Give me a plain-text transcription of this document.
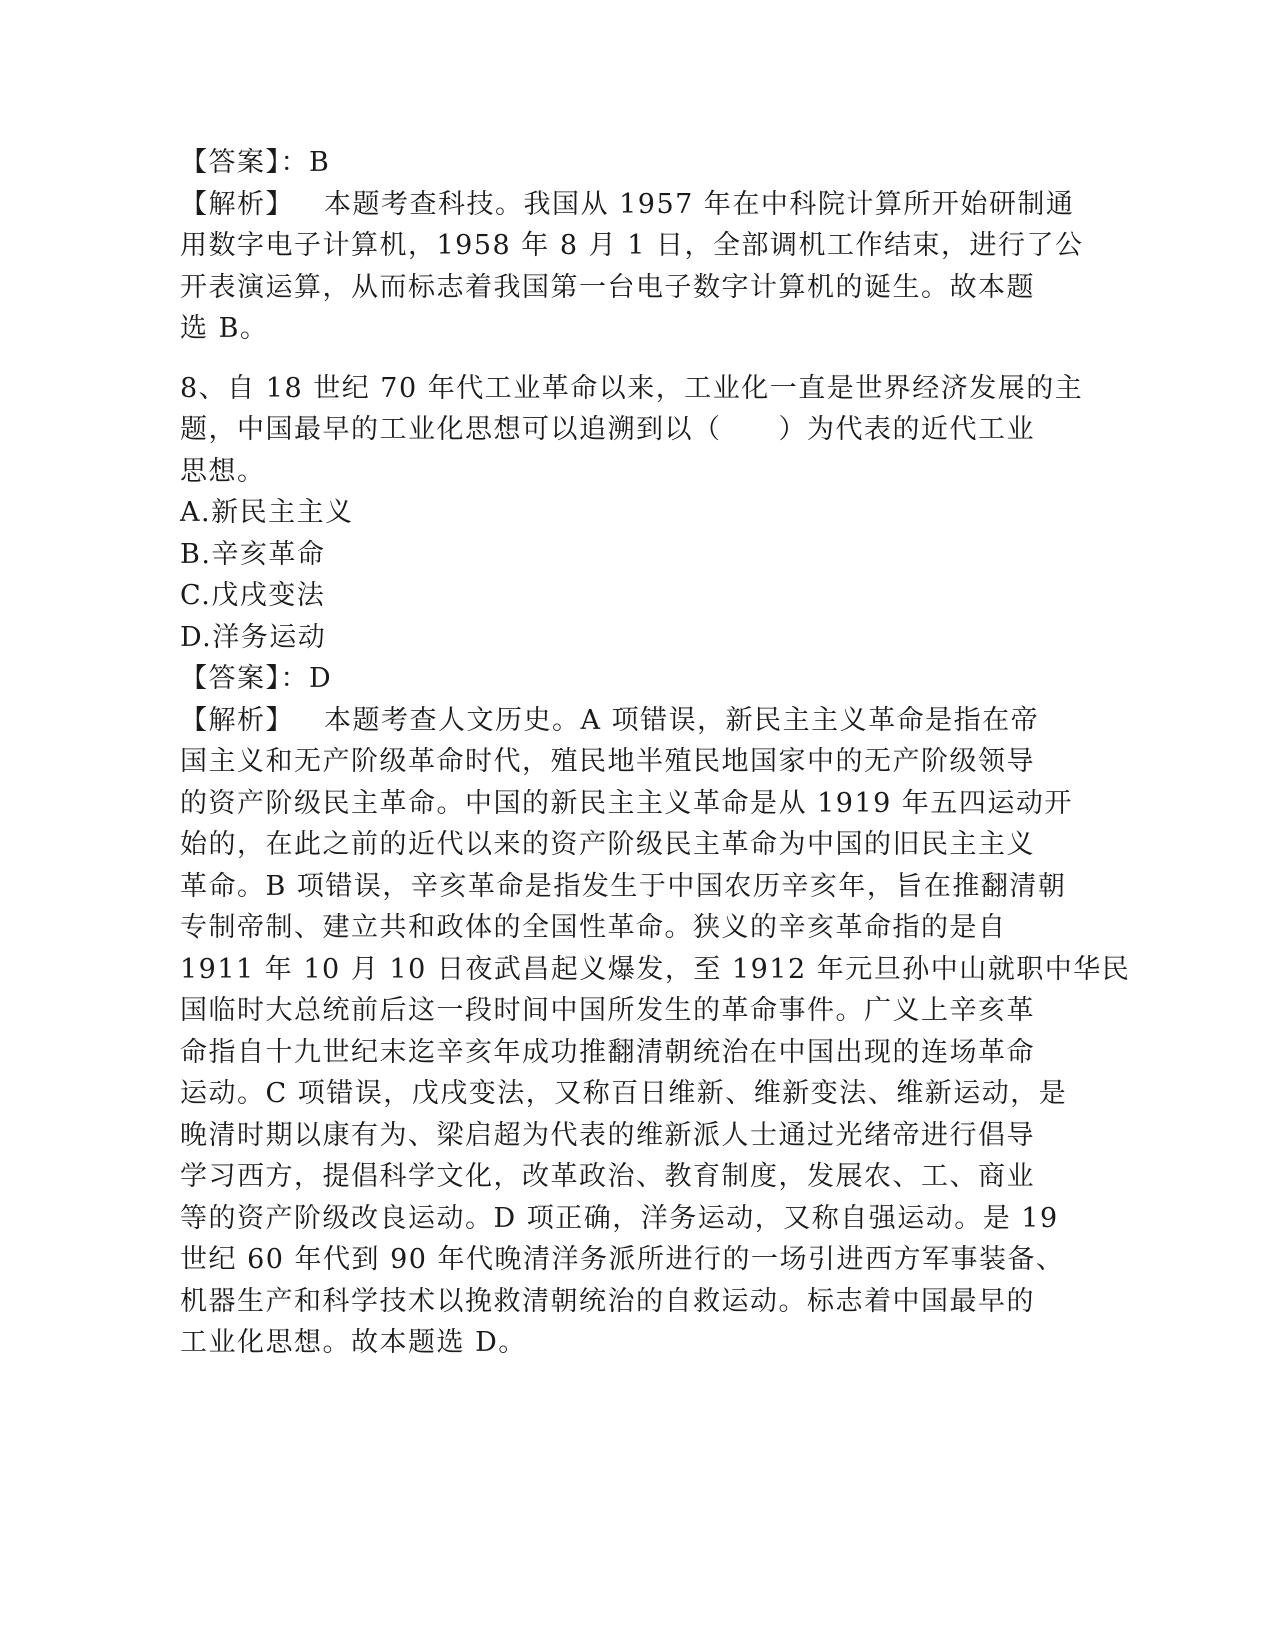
【答案】：B
【解析】 本题考查科技。我国从 1957 年在中科院计算所开始研制通
用数字电子计算机，1958 年 8 月 1 日，全部调机工作结束，进行了公
开表演运算，从而标志着我国第一台电子数字计算机的诞生。故本题
选 B。
8、自 18 世纪 70 年代工业革命以来，工业化一直是世界经济发展的主
题，中国最早的工业化思想可以追溯到以（　　）为代表的近代工业
思想。
A.新民主主义
B.辛亥革命
C.戊戌变法
D.洋务运动
【答案】：D
【解析】 本题考查人文历史。A 项错误，新民主主义革命是指在帝
国主义和无产阶级革命时代，殖民地半殖民地国家中的无产阶级领导
的资产阶级民主革命。中国的新民主主义革命是从 1919 年五四运动开
始的，在此之前的近代以来的资产阶级民主革命为中国的旧民主主义
革命。B 项错误，辛亥革命是指发生于中国农历辛亥年，旨在推翻清朝
专制帝制、建立共和政体的全国性革命。狭义的辛亥革命指的是自
1911 年 10 月 10 日夜武昌起义爆发，至 1912 年元旦孙中山就职中华民
国临时大总统前后这一段时间中国所发生的革命事件。广义上辛亥革
命指自十九世纪末迄辛亥年成功推翻清朝统治在中国出现的连场革命
运动。C 项错误，戊戌变法，又称百日维新、维新变法、维新运动，是
晚清时期以康有为、梁启超为代表的维新派人士通过光绪帝进行倡导
学习西方，提倡科学文化，改革政治、教育制度，发展农、工、商业
等的资产阶级改良运动。D 项正确，洋务运动，又称自强运动。是 19
世纪 60 年代到 90 年代晚清洋务派所进行的一场引进西方军事装备、
机器生产和科学技术以挽救清朝统治的自救运动。标志着中国最早的
工业化思想。故本题选 D。
